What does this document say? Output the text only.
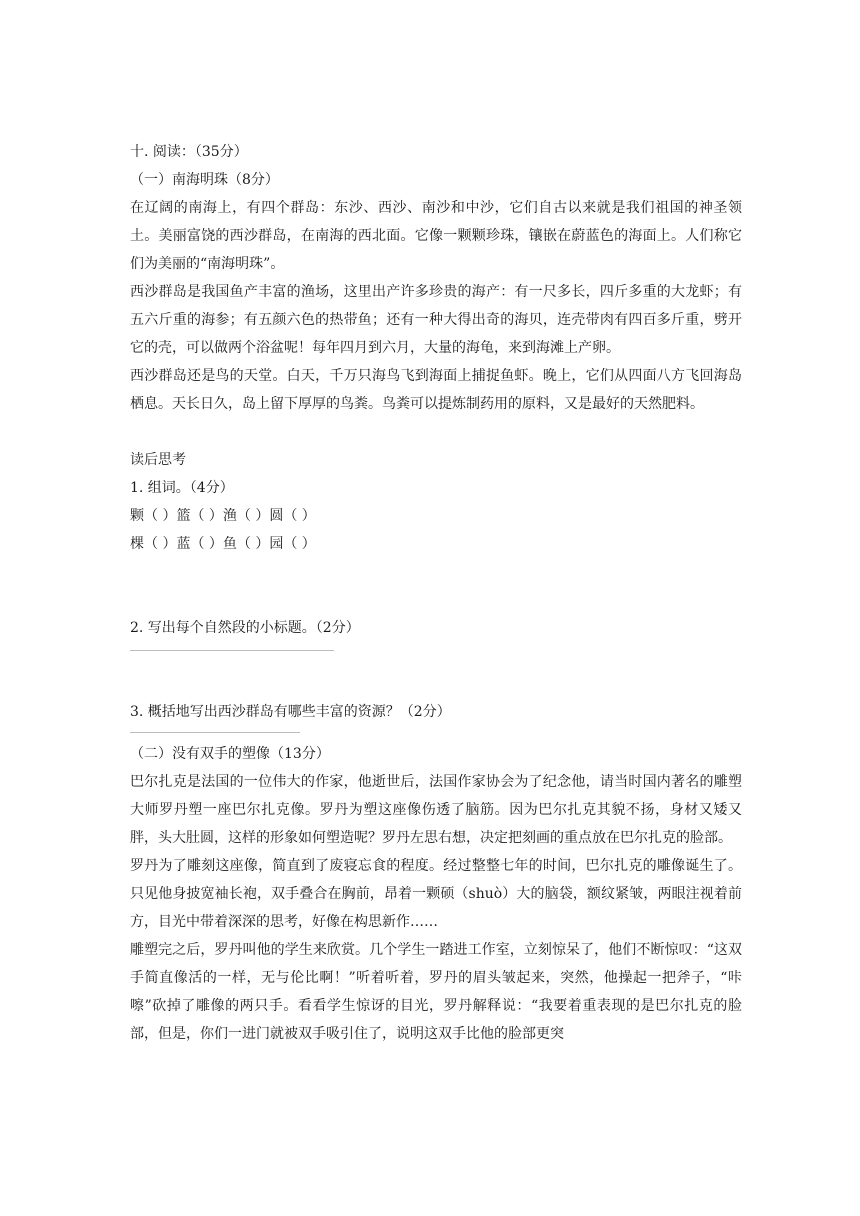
十. 阅读：（35分）
（一）南海明珠（8分）
在辽阔的南海上，有四个群岛：东沙、西沙、南沙和中沙，它们自古以来就是我们祖国的神圣领土。美丽富饶的西沙群岛，在南海的西北面。它像一颗颗珍珠，镶嵌在蔚蓝色的海面上。人们称它们为美丽的“南海明珠”。
西沙群岛是我国鱼产丰富的渔场，这里出产许多珍贵的海产：有一尺多长，四斤多重的大龙虾；有五六斤重的海参；有五颜六色的热带鱼；还有一种大得出奇的海贝，连壳带肉有四百多斤重，劈开它的壳，可以做两个浴盆呢！每年四月到六月，大量的海龟，来到海滩上产卵。
西沙群岛还是鸟的天堂。白天，千万只海鸟飞到海面上捕捉鱼虾。晚上，它们从四面八方飞回海岛栖息。天长日久，岛上留下厚厚的鸟粪。鸟粪可以提炼制药用的原料，又是最好的天然肥料。
读后思考
1. 组词。（4分）
颗（ ）篮（ ）渔（ ）圆（ ）
棵（ ）蓝（ ）鱼（ ）园（ ）
2. 写出每个自然段的小标题。（2分）
3. 概括地写出西沙群岛有哪些丰富的资源？（2分）
（二）没有双手的塑像（13分）
巴尔扎克是法国的一位伟大的作家，他逝世后，法国作家协会为了纪念他，请当时国内著名的雕塑大师罗丹塑一座巴尔扎克像。罗丹为塑这座像伤透了脑筋。因为巴尔扎克其貌不扬，身材又矮又胖，头大肚圆，这样的形象如何塑造呢？罗丹左思右想，决定把刻画的重点放在巴尔扎克的脸部。
罗丹为了雕刻这座像，简直到了废寝忘食的程度。经过整整七年的时间，巴尔扎克的雕像诞生了。只见他身披宽袖长袍，双手叠合在胸前，昂着一颗硕（shuò）大的脑袋，额纹紧皱，两眼注视着前方，目光中带着深深的思考，好像在构思新作……
雕塑完之后，罗丹叫他的学生来欣赏。几个学生一踏进工作室，立刻惊呆了，他们不断惊叹：“这双手简直像活的一样，无与伦比啊！”听着听着，罗丹的眉头皱起来，突然，他操起一把斧子，“咔嚓”砍掉了雕像的两只手。看看学生惊讶的目光，罗丹解释说：“我要着重表现的是巴尔扎克的脸部，但是，你们一进门就被双手吸引住了，说明这双手比他的脸部更突
